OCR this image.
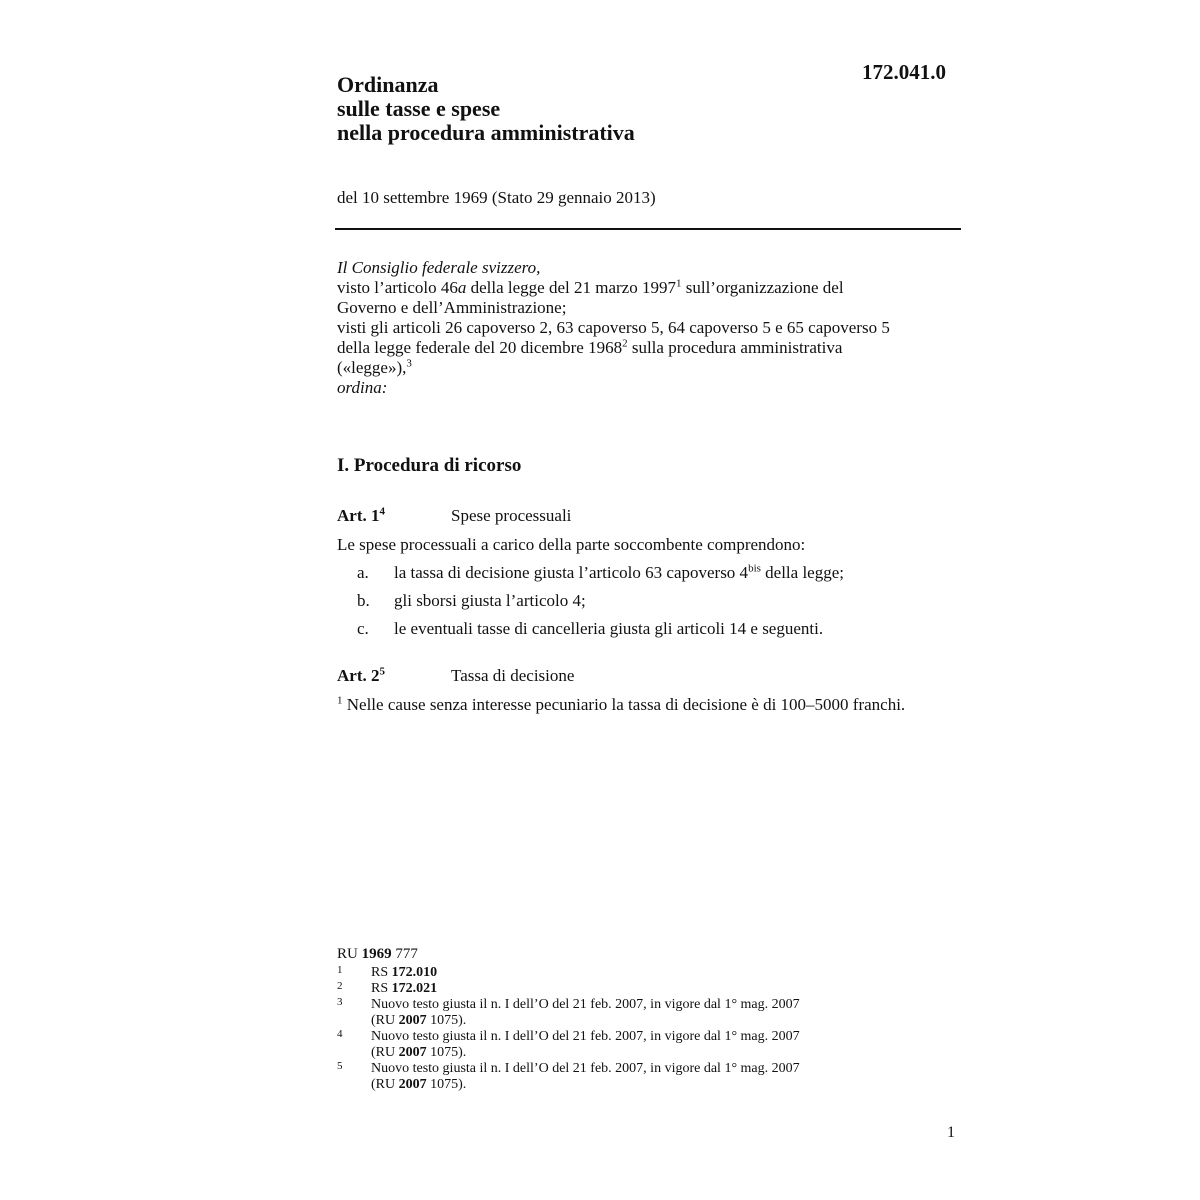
172.041.0
Ordinanza
sulle tasse e spese
nella procedura amministrativa
del 10 settembre 1969 (Stato 29 gennaio 2013)
Il Consiglio federale svizzero,
visto l’articolo 46a della legge del 21 marzo 1997$^1$ sull’organizzazione del
Governo e dell’Amministrazione;
visti gli articoli 26 capoverso 2, 63 capoverso 5, 64 capoverso 5 e 65 capoverso 5
della legge federale del 20 dicembre 1968$^2$ sulla procedura amministrativa
(«legge»),$^3$
ordina:
I. Procedura di ricorso
Art. $1^4$	Spese processuali
Le spese processuali a carico della parte soccombente comprendono:
a. la tassa di decisione giusta l’articolo 63 capoverso $4^{bis}$ della legge;
b. gli sborsi giusta l’articolo 4;
c. le eventuali tasse di cancelleria giusta gli articoli 14 e seguenti.
Art. $2^5$	Tassa di decisione
$^1$ Nelle cause senza interesse pecuniario la tassa di decisione è di 100–5000 franchi.
RU 1969 777
1 RS 172.010
2 RS 172.021
3 Nuovo testo giusta il n. I dell’O del 21 feb. 2007, in vigore dal 1° mag. 2007
(RU 2007 1075).
4 Nuovo testo giusta il n. I dell’O del 21 feb. 2007, in vigore dal 1° mag. 2007
(RU 2007 1075).
5 Nuovo testo giusta il n. I dell’O del 21 feb. 2007, in vigore dal 1° mag. 2007
(RU 2007 1075).
1
